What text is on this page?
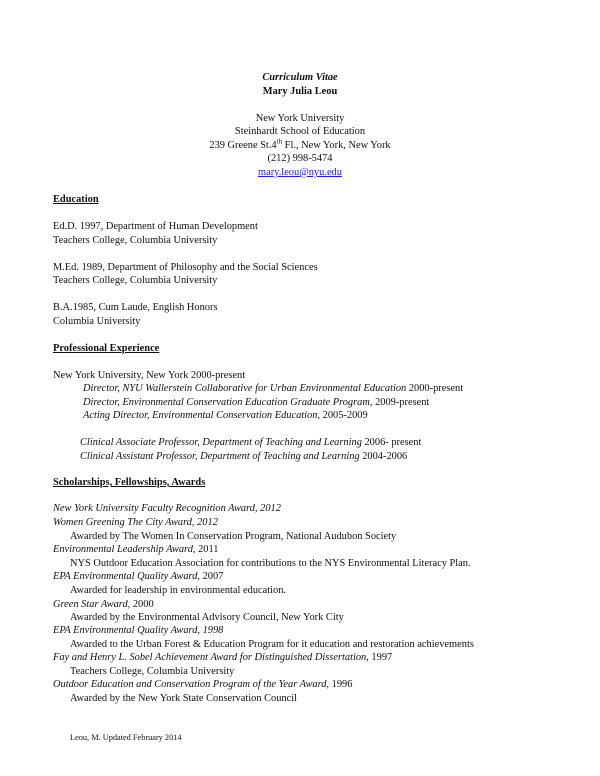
Curriculum Vitae
Mary Julia Leou
New York University
Steinhardt School of Education
239 Greene St.4th Fl., New York, New York
(212) 998-5474
mary.leou@nyu.edu
Education
Ed.D. 1997, Department of Human Development
Teachers College, Columbia University
M.Ed. 1989, Department of Philosophy and the Social Sciences
Teachers College, Columbia University
B.A.1985, Cum Laude, English Honors
Columbia University
Professional Experience
New York University, New York 2000-present
Director, NYU Wallerstein Collaborative for Urban Environmental Education 2000-present
Director, Environmental Conservation Education Graduate Program, 2009-present
Acting Director, Environmental Conservation Education, 2005-2009
Clinical Associate Professor, Department of Teaching and Learning 2006- present
Clinical Assistant Professor, Department of Teaching and Learning 2004-2006
Scholarships, Fellowships, Awards
New York University Faculty Recognition Award, 2012
Women Greening The City Award, 2012
Awarded by The Women In Conservation Program, National Audubon Society
Environmental Leadership Award, 2011
NYS Outdoor Education Association for contributions to the NYS Environmental Literacy Plan.
EPA Environmental Quality Award, 2007
Awarded for leadership in environmental education.
Green Star Award, 2000
Awarded by the Environmental Advisory Council, New York City
EPA Environmental Quality Award, 1998
Awarded to the Urban Forest & Education Program for it education and restoration achievements
Fay and Henry L. Sobel Achievement Award for Distinguished Dissertation, 1997
Teachers College, Columbia University
Outdoor Education and Conservation Program of the Year Award, 1996
Awarded by the New York State Conservation Council
Leou, M. Updated February 2014
